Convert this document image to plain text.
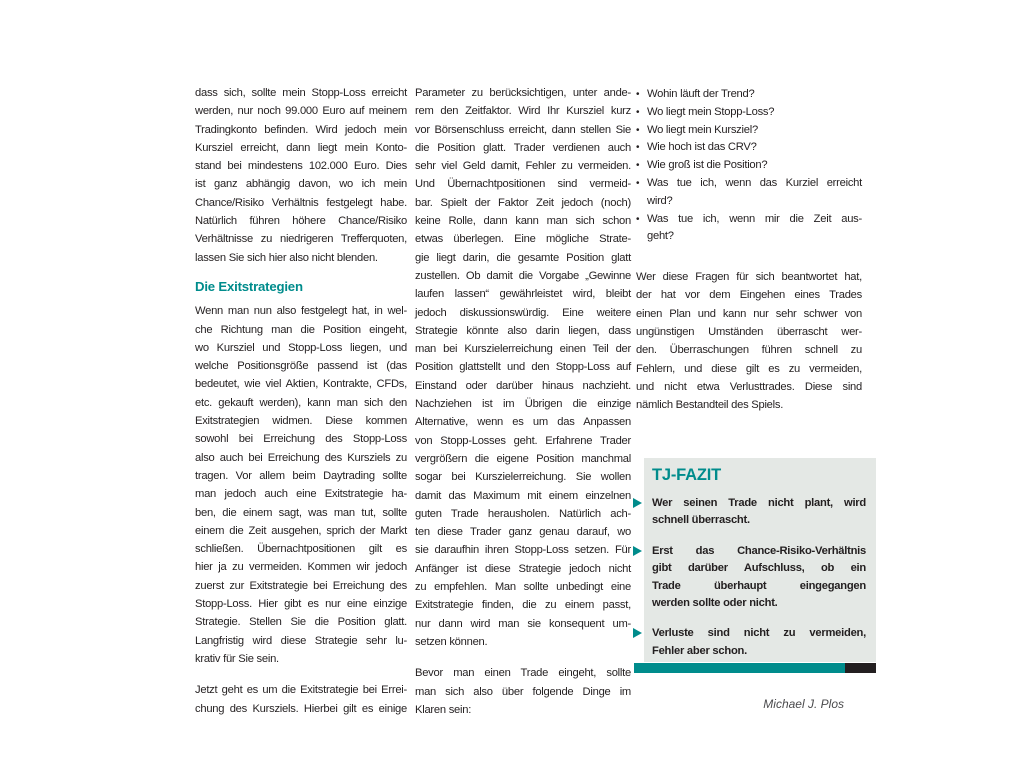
dass sich, sollte mein Stopp-Loss erreicht
werden, nur noch 99.000 Euro auf meinem
Tradingkonto befinden. Wird jedoch mein
Kursziel erreicht, dann liegt mein Konto-
stand bei mindestens 102.000 Euro. Dies
ist ganz abhängig davon, wo ich mein
Chance/Risiko Verhältnis festgelegt habe.
Natürlich führen höhere Chance/Risiko
Verhältnisse zu niedrigeren Trefferquoten,
lassen Sie sich hier also nicht blenden.
Die Exitstrategien
Wenn man nun also festgelegt hat, in wel-
che Richtung man die Position eingeht,
wo Kursziel und Stopp-Loss liegen, und
welche Positionsgröße passend ist (das
bedeutet, wie viel Aktien, Kontrakte, CFDs,
etc. gekauft werden), kann man sich den
Exitstrategien widmen. Diese kommen
sowohl bei Erreichung des Stopp-Loss
also auch bei Erreichung des Kursziels zu
tragen. Vor allem beim Daytrading sollte
man jedoch auch eine Exitstrategie ha-
ben, die einem sagt, was man tut, sollte
einem die Zeit ausgehen, sprich der Markt
schließen. Übernachtpositionen gilt es
hier ja zu vermeiden. Kommen wir jedoch
zuerst zur Exitstrategie bei Erreichung des
Stopp-Loss. Hier gibt es nur eine einzige
Strategie. Stellen Sie die Position glatt.
Langfristig wird diese Strategie sehr lu-
krativ für Sie sein.
Jetzt geht es um die Exitstrategie bei Errei-
chung des Kursziels. Hierbei gilt es einige
Parameter zu berücksichtigen, unter ande-
rem den Zeitfaktor. Wird Ihr Kursziel kurz
vor Börsenschluss erreicht, dann stellen Sie
die Position glatt. Trader verdienen auch
sehr viel Geld damit, Fehler zu vermeiden.
Und Übernachtpositionen sind vermeid-
bar. Spielt der Faktor Zeit jedoch (noch)
keine Rolle, dann kann man sich schon
etwas überlegen. Eine mögliche Strate-
gie liegt darin, die gesamte Position glatt
zustellen. Ob damit die Vorgabe „Gewinne
laufen lassen“ gewährleistet wird, bleibt
jedoch diskussionswürdig. Eine weitere
Strategie könnte also darin liegen, dass
man bei Kurszielerreichung einen Teil der
Position glattstellt und den Stopp-Loss auf
Einstand oder darüber hinaus nachzieht.
Nachziehen ist im Übrigen die einzige
Alternative, wenn es um das Anpassen
von Stopp-Losses geht. Erfahrene Trader
vergrößern die eigene Position manchmal
sogar bei Kurszielerreichung. Sie wollen
damit das Maximum mit einem einzelnen
guten Trade herausholen. Natürlich ach-
ten diese Trader ganz genau darauf, wo
sie daraufhin ihren Stopp-Loss setzen. Für
Anfänger ist diese Strategie jedoch nicht
zu empfehlen. Man sollte unbedingt eine
Exitstrategie finden, die zu einem passt,
nur dann wird man sie konsequent um-
setzen können.
Bevor man einen Trade eingeht, sollte
man sich also über folgende Dinge im
Klaren sein:
• Wohin läuft der Trend?
• Wo liegt mein Stopp-Loss?
• Wo liegt mein Kursziel?
• Wie hoch ist das CRV?
• Wie groß ist die Position?
• Was tue ich, wenn das Kurziel erreicht
wird?
• Was tue ich, wenn mir die Zeit aus-
geht?
Wer diese Fragen für sich beantwortet hat,
der hat vor dem Eingehen eines Trades
einen Plan und kann nur sehr schwer von
ungünstigen Umständen überrascht wer-
den. Überraschungen führen schnell zu
Fehlern, und diese gilt es zu vermeiden,
und nicht etwa Verlusttrades. Diese sind
nämlich Bestandteil des Spiels.
TJ-FAZIT
Wer seinen Trade nicht plant, wird
schnell überrascht.
Erst das Chance-Risiko-Verhältnis
gibt darüber Aufschluss, ob ein
Trade überhaupt eingegangen
werden sollte oder nicht.
Verluste sind nicht zu vermeiden,
Fehler aber schon.
Michael J. Plos
